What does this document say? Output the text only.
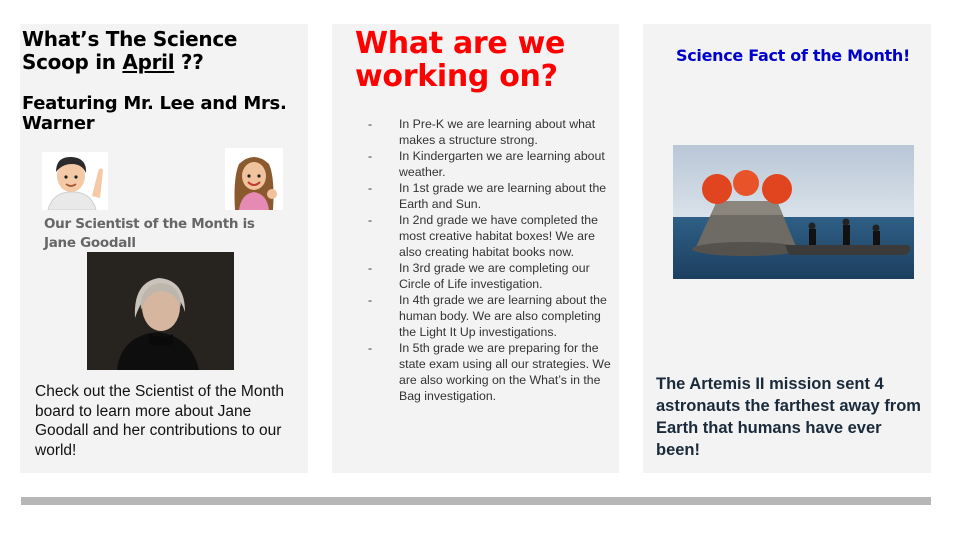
What’s The Science
Scoop in April ??
Featuring Mr. Lee and Mrs. Warner
Our Scientist of the Month is Jane Goodall
Check out the Scientist of the Month board to learn more about Jane Goodall and her contributions to our world!
What are we working on?
- In Pre-K we are learning about what makes a structure strong.
- In Kindergarten we are learning about weather.
- In 1st grade we are learning about the Earth and Sun.
- In 2nd grade we have completed the most creative habitat boxes! We are also creating habitat books now.
- In 3rd grade we are completing our Circle of Life investigation.
- In 4th grade we are learning about the human body. We are also completing the Light It Up investigations.
- In 5th grade we are preparing for the state exam using all our strategies. We are also working on the What’s in the Bag investigation.
Science Fact of the Month!
The Artemis II mission sent 4 astronauts the farthest away from Earth that humans have ever been!
